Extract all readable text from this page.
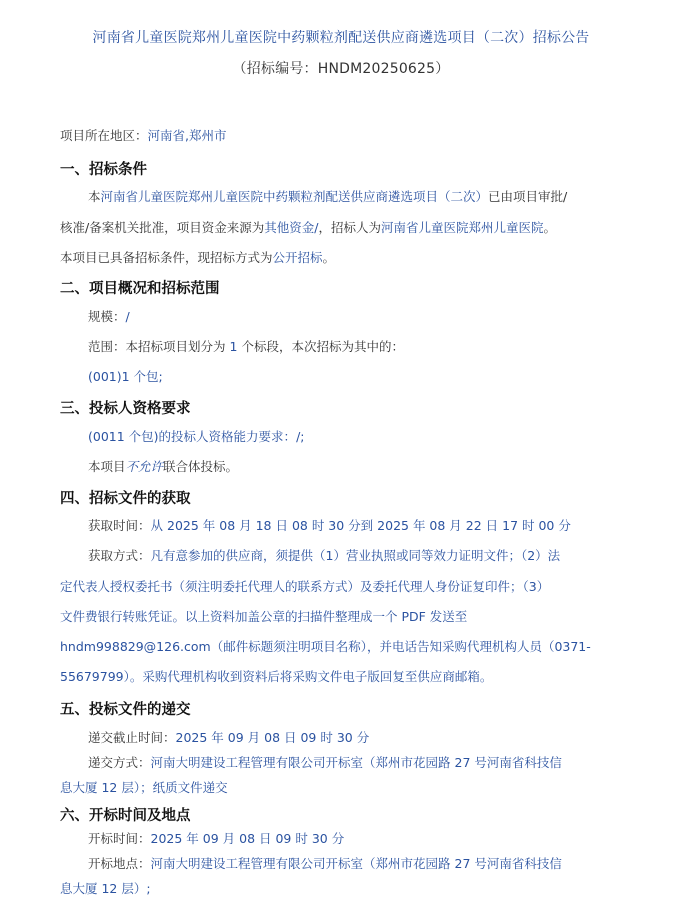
河南省儿童医院郑州儿童医院中药颗粒剂配送供应商遴选项目（二次）招标公告
（招标编号：HNDM20250625）
项目所在地区：河南省,郑州市
一、招标条件
本河南省儿童医院郑州儿童医院中药颗粒剂配送供应商遴选项目（二次）已由项目审批/
核准/备案机关批准，项目资金来源为其他资金/，招标人为河南省儿童医院郑州儿童医院。
本项目已具备招标条件，现招标方式为公开招标。
二、项目概况和招标范围
规模：/
范围：本招标项目划分为 1 个标段，本次招标为其中的：
(001)1 个包;
三、投标人资格要求
(0011 个包)的投标人资格能力要求：/;
本项目不允许联合体投标。
四、招标文件的获取
获取时间：从 2025 年 08 月 18 日 08 时 30 分到 2025 年 08 月 22 日 17 时 00 分
获取方式：凡有意参加的供应商，须提供（1）营业执照或同等效力证明文件；（2）法
定代表人授权委托书（须注明委托代理人的联系方式）及委托代理人身份证复印件；（3）
文件费银行转账凭证。以上资料加盖公章的扫描件整理成一个 PDF 发送至
hndm998829@126.com（邮件标题须注明项目名称），并电话告知采购代理机构人员（0371-
55679799）。采购代理机构收到资料后将采购文件电子版回复至供应商邮箱。
五、投标文件的递交
递交截止时间：2025 年 09 月 08 日 09 时 30 分
递交方式：河南大明建设工程管理有限公司开标室（郑州市花园路 27 号河南省科技信
息大厦 12 层）；纸质文件递交
六、开标时间及地点
开标时间：2025 年 09 月 08 日 09 时 30 分
开标地点：河南大明建设工程管理有限公司开标室（郑州市花园路 27 号河南省科技信
息大厦 12 层）;
